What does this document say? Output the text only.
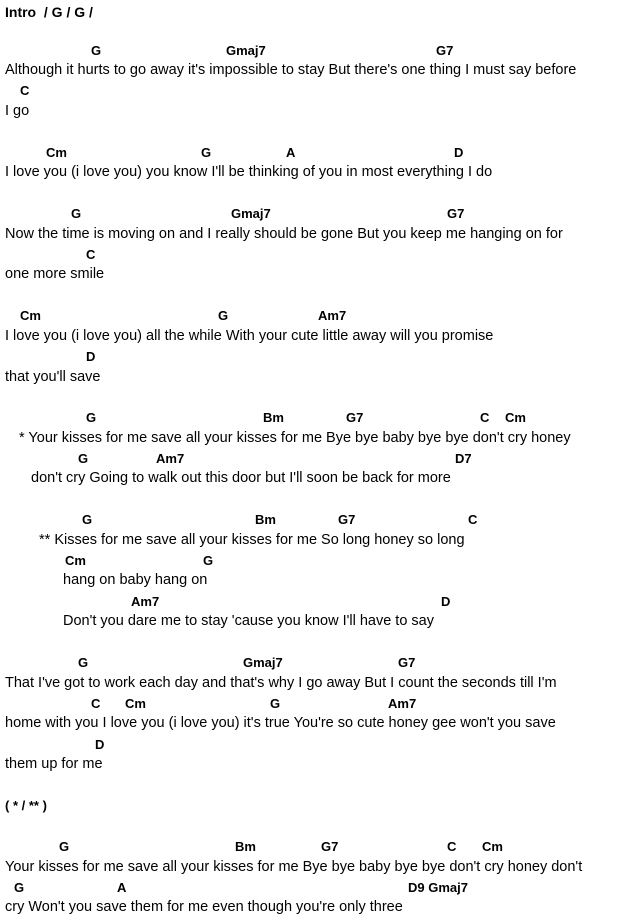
Intro  / G / G /
G	Gmaj7	G7
Although it hurts to go away it's impossible to stay But there's one thing I must say before
C
I go
Cm	G	A	D
I love you (i love you) you know I'll be thinking of you in most everything I do
G	Gmaj7	G7
Now the time is moving on and I really should be gone But you keep me hanging on for
C
one more smile
Cm	G	Am7
I love you (i love you) all the while With your cute little away will you promise
D
that you'll save
G	Bm	G7	C Cm
* Your kisses for me save all your kisses for me Bye bye baby bye bye don't cry honey
G	Am7	D7
don't cry Going to walk out this door but I'll soon be back for more
G	Bm	G7	C
** Kisses for me save all your kisses for me So long honey so long
Cm	G
hang on baby hang on
Am7	D
Don't you dare me to stay 'cause you know I'll have to say
G	Gmaj7	G7
That I've got to work each day and that's why I go away But I count the seconds till I'm
C Cm	G	Am7
home with you I love you (i love you) it's true You're so cute honey gee won't you save
D
them up for me
( * / ** )
G	Bm	G7	C Cm
Your kisses for me save all your kisses for me Bye bye baby bye bye don't cry honey don't
G	A	D9 Gmaj7
cry Won't you save them for me even though you're only three
